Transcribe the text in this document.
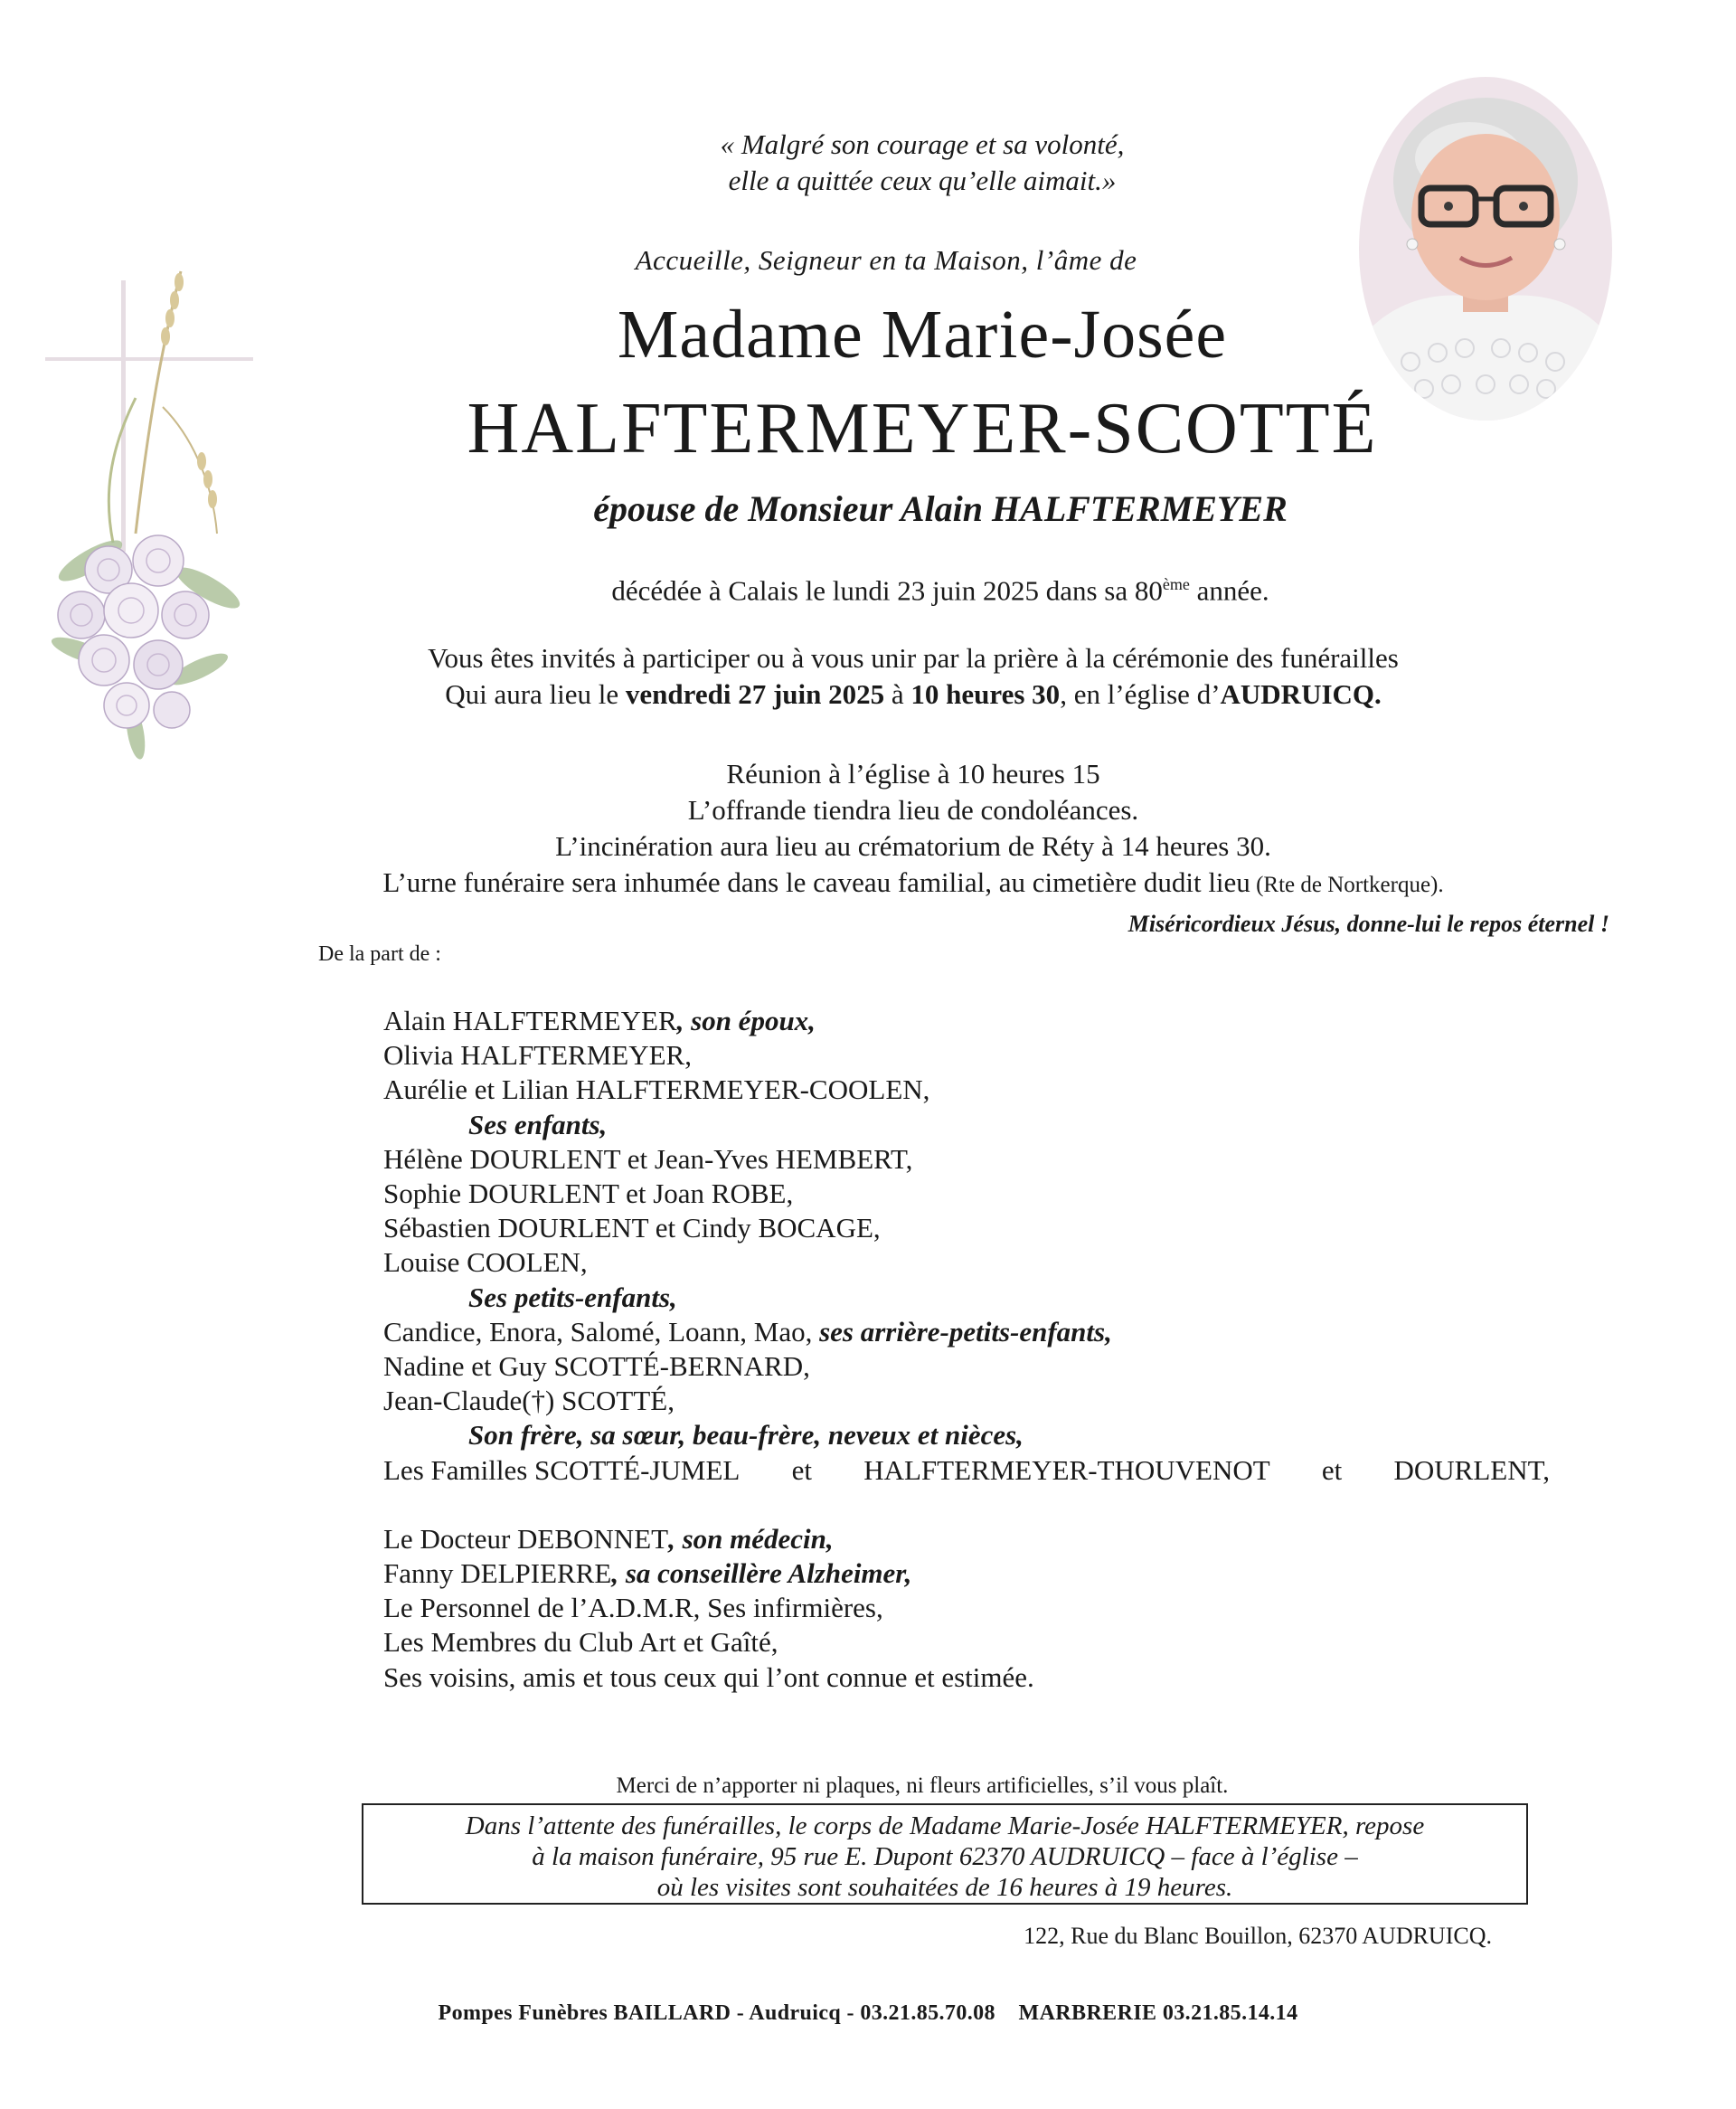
« Malgré son courage et sa volonté,
elle a quittée ceux qu’elle aimait.»
Accueille, Seigneur en ta Maison, l’âme de
Madame Marie-Josée
HALFTERMEYER-SCOTTÉ
épouse de Monsieur Alain HALFTERMEYER
décédée à Calais le lundi 23 juin 2025 dans sa 80ème année.
Vous êtes invités à participer ou à vous unir par la prière à la cérémonie des funérailles
Qui aura lieu le vendredi 27 juin 2025 à 10 heures 30, en l’église d’AUDRUICQ.
Réunion à l’église à 10 heures 15
L’offrande tiendra lieu de condoléances.
L’incinération aura lieu au crématorium de Réty à 14 heures 30.
L’urne funéraire sera inhumée dans le caveau familial, au cimetière dudit lieu (Rte de Nortkerque).
Miséricordieux Jésus, donne-lui le repos éternel !
De la part de :
Alain HALFTERMEYER, son époux,
Olivia HALFTERMEYER,
Aurélie et Lilian HALFTERMEYER-COOLEN,
Ses enfants,
Hélène DOURLENT et Jean-Yves HEMBERT,
Sophie DOURLENT et Joan ROBE,
Sébastien DOURLENT et Cindy BOCAGE,
Louise COOLEN,
Ses petits-enfants,
Candice, Enora, Salomé, Loann, Mao, ses arrière-petits-enfants,
Nadine et Guy SCOTTÉ-BERNARD,
Jean-Claude(†) SCOTTÉ,
Son frère, sa sœur, beau-frère, neveux et nièces,
Les Familles SCOTTÉ-JUMEL et HALFTERMEYER-THOUVENOT et DOURLENT,
Le Docteur DEBONNET, son médecin,
Fanny DELPIERRE, sa conseillère Alzheimer,
Le Personnel de l’A.D.M.R, Ses infirmières,
Les Membres du Club Art et Gaîté,
Ses voisins, amis et tous ceux qui l’ont connue et estimée.
Merci de n’apporter ni plaques, ni fleurs artificielles, s’il vous plaît.
Dans l’attente des funérailles, le corps de Madame Marie-Josée HALFTERMEYER, repose
à la maison funéraire, 95 rue E. Dupont 62370 AUDRUICQ – face à l’église –
où les visites sont souhaitées de 16 heures à 19 heures.
122, Rue du Blanc Bouillon, 62370 AUDRUICQ.
Pompes Funèbres BAILLARD - Audruicq - 03.21.85.70.08    MARBRERIE 03.21.85.14.14
